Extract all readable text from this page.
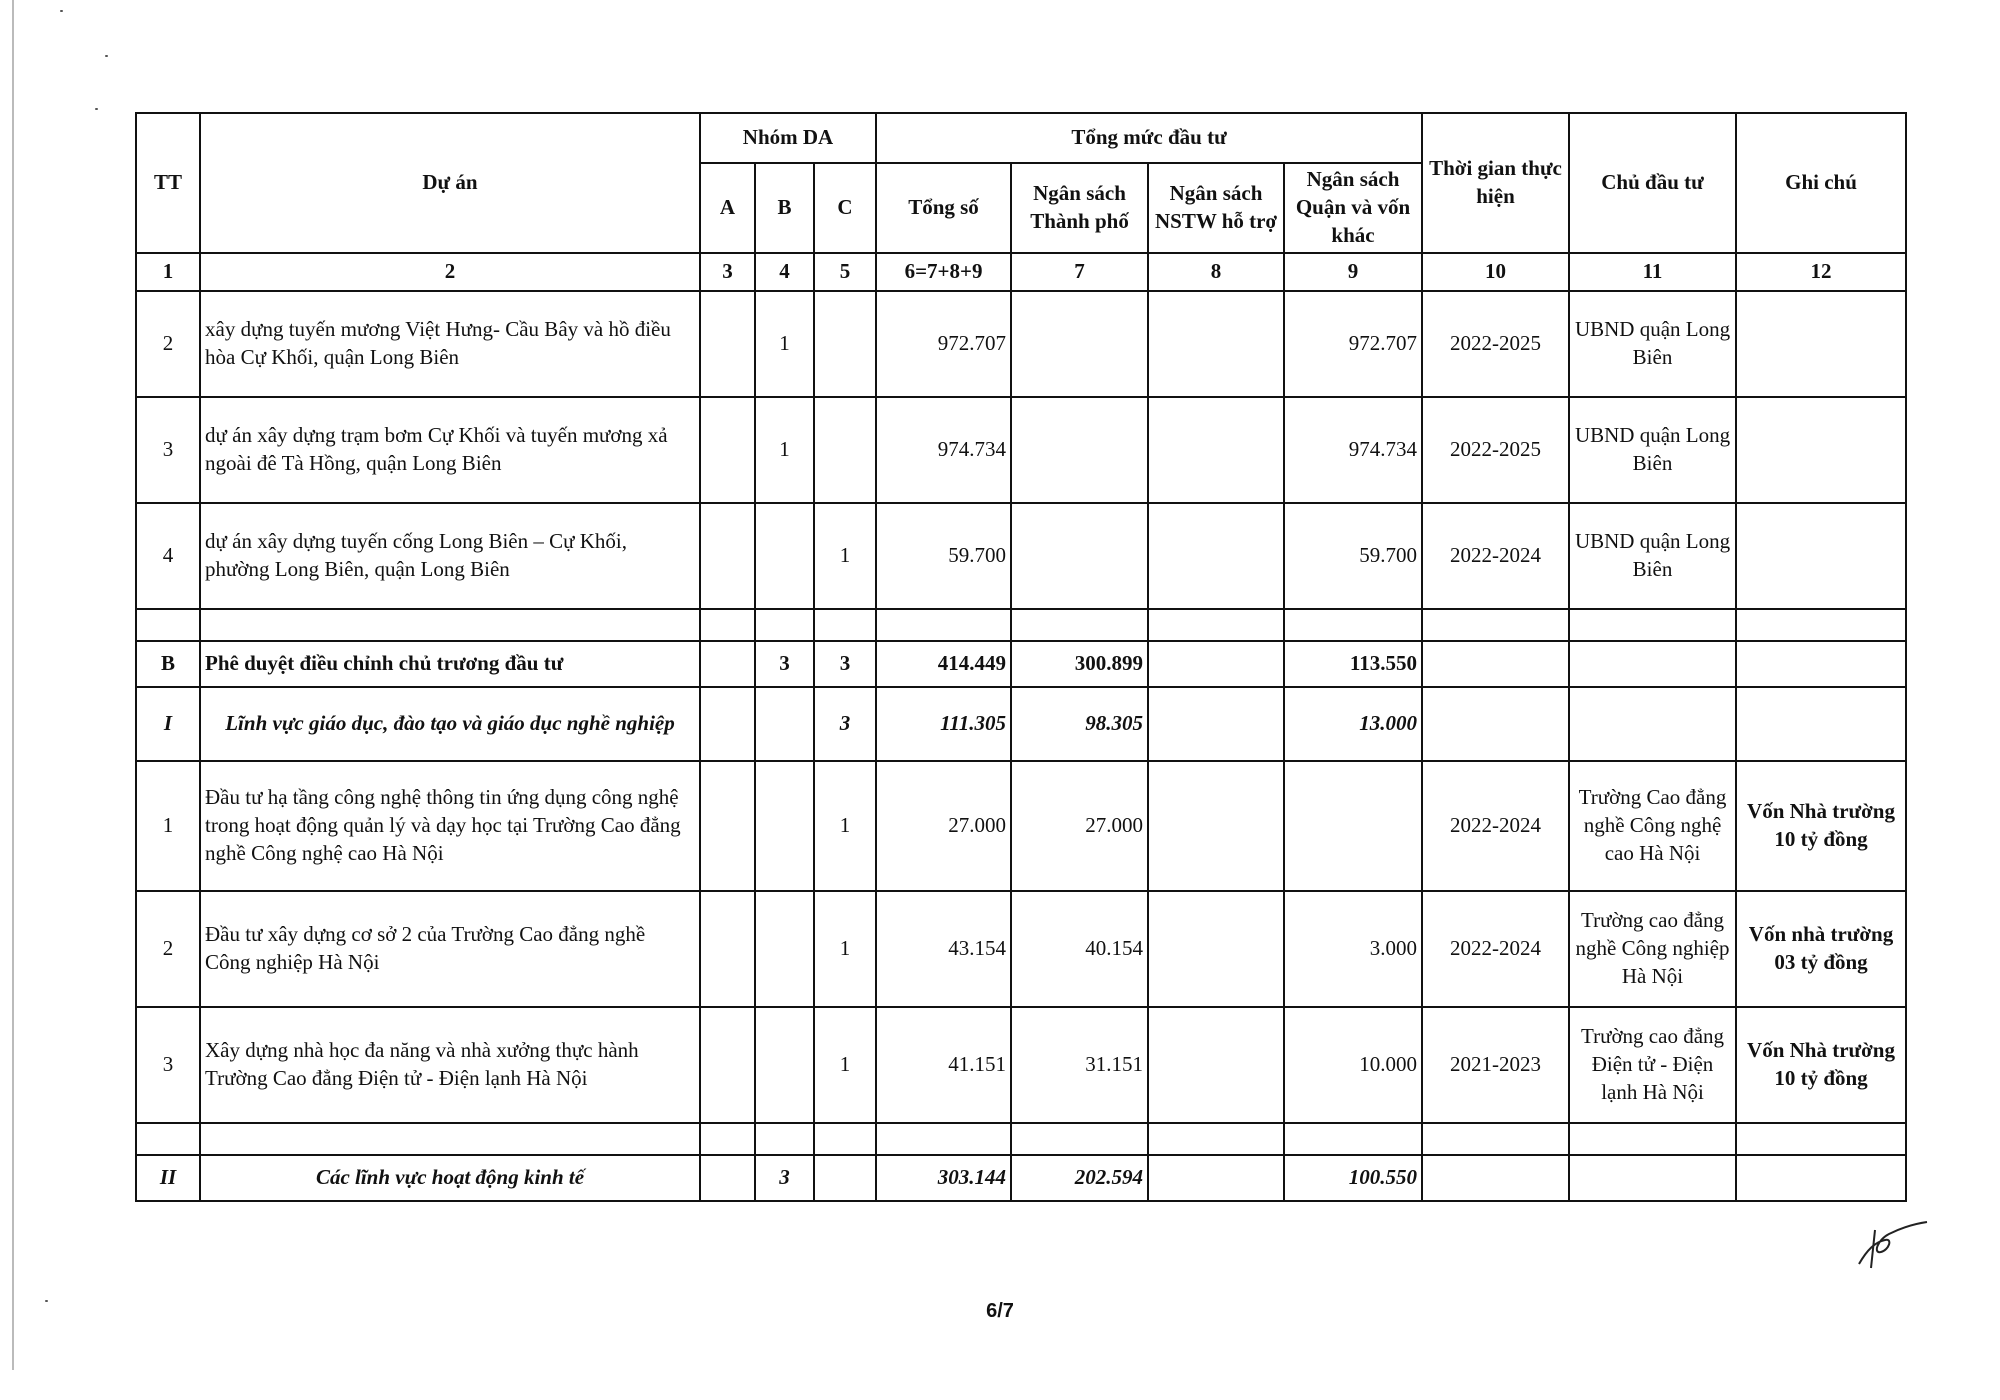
TT	Dự án	Nhóm DA			Tổng mức đầu tư				Thời gian thực hiện	Chủ đầu tư	Ghi chú
		A	B	C	Tổng số	Ngân sách Thành phố	Ngân sách NSTW hỗ trợ	Ngân sách Quận và vốn khác			
1	2	3	4	5	6=7+8+9	7	8	9	10	11	12
2	xây dựng tuyến mương Việt Hưng- Cầu Bây và hồ điều hòa Cự Khối, quận Long Biên		1		972.707			972.707	2022-2025	UBND quận Long Biên	
3	dự án xây dựng trạm bơm Cự Khối và tuyến mương xả ngoài đê Tà Hồng, quận Long Biên		1		974.734			974.734	2022-2025	UBND quận Long Biên	
4	dự án xây dựng tuyến cống Long Biên – Cự Khối, phường Long Biên, quận Long Biên			1	59.700			59.700	2022-2024	UBND quận Long Biên	

B	Phê duyệt điều chỉnh chủ trương đầu tư		3	3	414.449	300.899		113.550			
I	Lĩnh vực giáo dục, đào tạo và giáo dục nghề nghiệp			3	111.305	98.305		13.000			
1	Đầu tư hạ tầng công nghệ thông tin ứng dụng công nghệ trong hoạt động quản lý và dạy học tại Trường Cao đẳng nghề Công nghệ cao Hà Nội			1	27.000	27.000			2022-2024	Trường Cao đẳng nghề Công nghệ cao Hà Nội	Vốn Nhà trường 10 tỷ đồng
2	Đầu tư xây dựng cơ sở 2 của Trường Cao đẳng nghề Công nghiệp Hà Nội			1	43.154	40.154		3.000	2022-2024	Trường cao đẳng nghề Công nghiệp Hà Nội	Vốn nhà trường 03 tỷ đồng
3	Xây dựng nhà học đa năng và nhà xưởng thực hành Trường Cao đẳng Điện tử - Điện lạnh Hà Nội			1	41.151	31.151		10.000	2021-2023	Trường cao đẳng Điện tử - Điện lạnh Hà Nội	Vốn Nhà trường 10 tỷ đồng

II	Các lĩnh vực hoạt động kinh tế		3		303.144	202.594		100.550			
6/7
